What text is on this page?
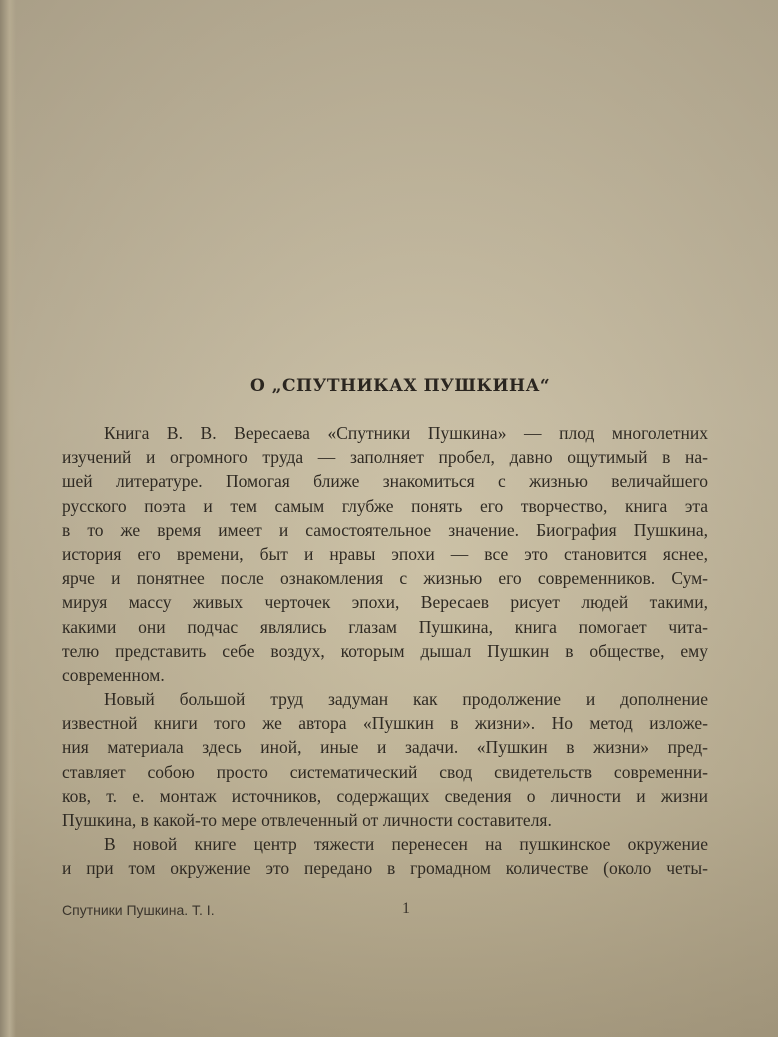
О „СПУТНИКАХ ПУШКИНА“
Книга В. В. Вересаева «Спутники Пушкина» — плод многолетних
изучений и огромного труда — заполняет пробел, давно ощутимый в на-
шей литературе. Помогая ближе знакомиться с жизнью величайшего
русского поэта и тем самым глубже понять его творчество, книга эта
в то же время имеет и самостоятельное значение. Биография Пушкина,
история его времени, быт и нравы эпохи — все это становится яснее,
ярче и понятнее после ознакомления с жизнью его современников. Сум-
мируя массу живых черточек эпохи, Вересаев рисует людей такими,
какими они подчас являлись глазам Пушкина, книга помогает чита-
телю представить себе воздух, которым дышал Пушкин в обществе, ему
современном.
Новый большой труд задуман как продолжение и дополнение
известной книги того же автора «Пушкин в жизни». Но метод изложе-
ния материала здесь иной, иные и задачи. «Пушкин в жизни» пред-
ставляет собою просто систематический свод свидетельств современни-
ков, т. е. монтаж источников, содержащих сведения о личности и жизни
Пушкина, в какой-то мере отвлеченный от личности составителя.
В новой книге центр тяжести перенесен на пушкинское окружение
и при том окружение это передано в громадном количестве (около четы-
Спутники Пушкина. Т. I.	1
